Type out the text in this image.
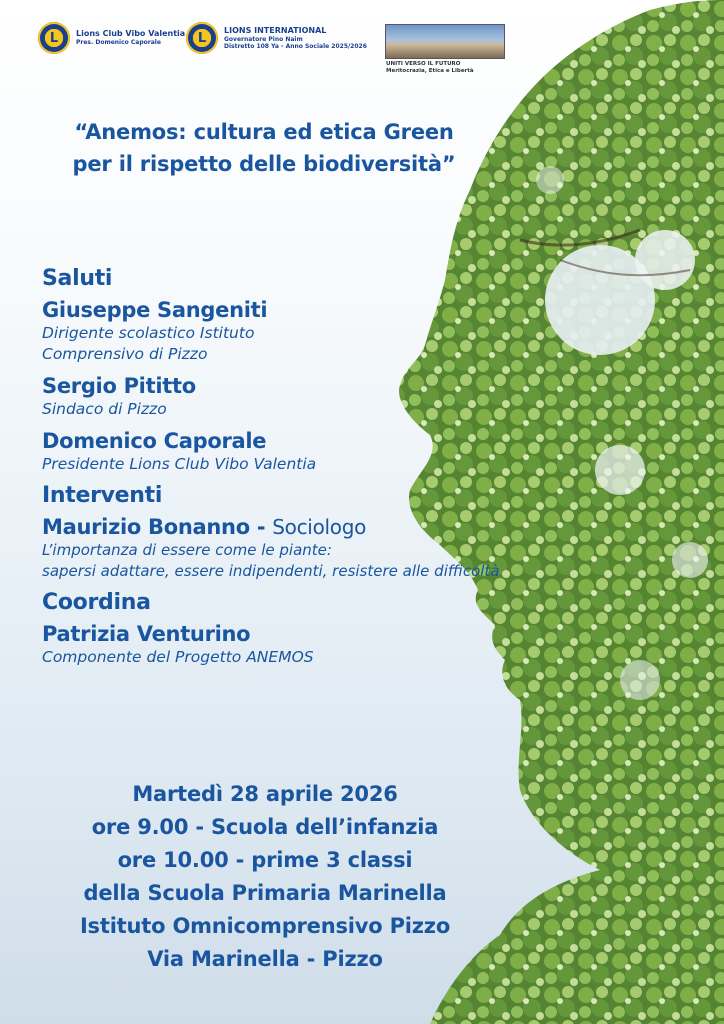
L Lions Club Vibo Valentia
Pres. Domenico Caporale	L
LIONS INTERNATIONAL
Governatore Pino Naim
Distretto 108 Ya - Anno Sociale 2025/2026
UNITI VERSO IL FUTURO
Meritocrazia, Etica e Libertà
“Anemos: cultura ed etica Green
per il rispetto delle biodiversità”
Saluti
Giuseppe Sangeniti
Dirigente scolastico Istituto
Comprensivo di Pizzo
Sergio Pititto
Sindaco di Pizzo
Domenico Caporale
Presidente Lions Club Vibo Valentia
Interventi
Maurizio Bonanno - Sociologo
L’importanza di essere come le piante:
sapersi adattare, essere indipendenti, resistere alle difficoltà
Coordina
Patrizia Venturino
Componente del Progetto ANEMOS
Martedì 28 aprile 2026
ore 9.00 - Scuola dell’infanzia
ore 10.00 - prime 3 classi
della Scuola Primaria Marinella
Istituto Omnicomprensivo Pizzo
Via Marinella - Pizzo
